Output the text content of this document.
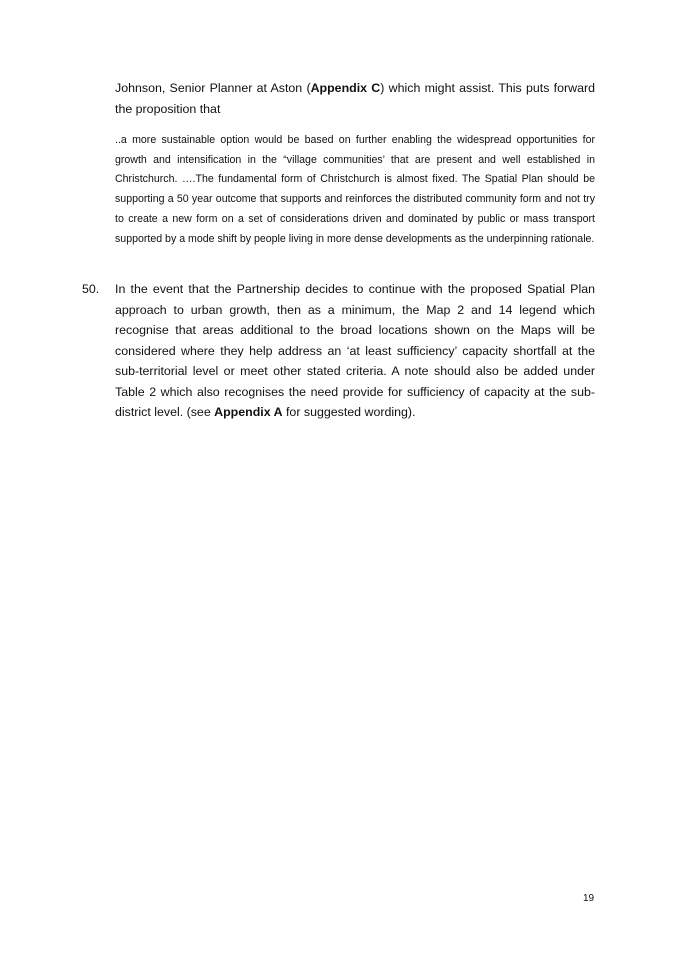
Johnson, Senior Planner at Aston (Appendix C) which might assist. This puts forward the proposition that

..a more sustainable option would be based on further enabling the widespread opportunities for growth and intensification in the “village communities’ that are present and well established in Christchurch. ….The fundamental form of Christchurch is almost fixed. The Spatial Plan should be supporting a 50 year outcome that supports and reinforces the distributed community form and not try to create a new form on a set of considerations driven and dominated by public or mass transport supported by a mode shift by people living in more dense developments as the underpinning rationale.

50. In the event that the Partnership decides to continue with the proposed Spatial Plan approach to urban growth, then as a minimum, the Map 2 and 14 legend which recognise that areas additional to the broad locations shown on the Maps will be considered where they help address an ‘at least sufficiency’ capacity shortfall at the sub-territorial level or meet other stated criteria. A note should also be added under Table 2 which also recognises the need provide for sufficiency of capacity at the sub-district level. (see Appendix A for suggested wording).

19
